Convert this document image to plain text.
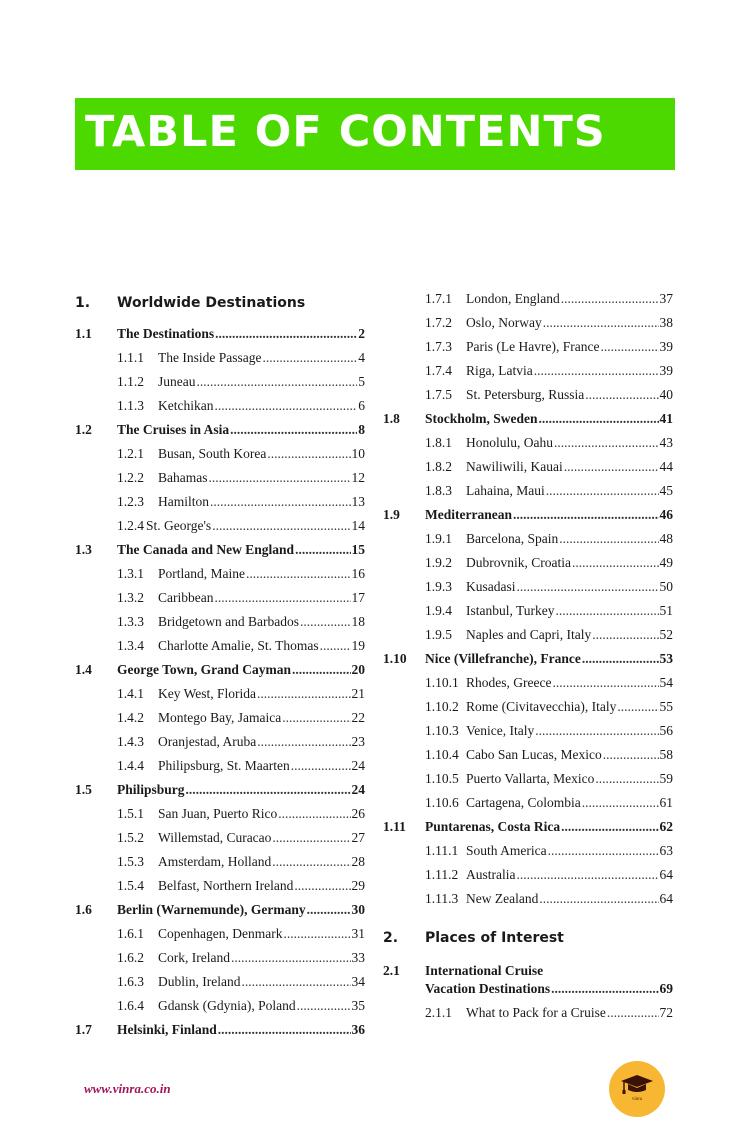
TABLE OF CONTENTS
1. Worldwide Destinations
1.1 The Destinations .....	2
1.1.1 The Inside Passage .....	4
1.1.2 Juneau .....	5
1.1.3 Ketchikan .....	6
1.2 The Cruises in Asia .....	8
1.2.1 Busan, South Korea .....	10
1.2.2 Bahamas .....	12
1.2.3 Hamilton .....	13
1.2.4 St. George's .....	14
1.3 The Canada and New England .....	15
1.3.1 Portland, Maine .....	16
1.3.2 Caribbean .....	17
1.3.3 Bridgetown and Barbados .....	18
1.3.4 Charlotte Amalie, St. Thomas ..... 19
1.4 George Town, Grand Cayman .....	20
1.4.1 Key West, Florida .....	21
1.4.2 Montego Bay, Jamaica .....	22
1.4.3 Oranjestad, Aruba .....	23
1.4.4 Philipsburg, St. Maarten .....	24
1.5 Philipsburg .....	24
1.5.1 San Juan, Puerto Rico .....	26
1.5.2 Willemstad, Curacao .....	27
1.5.3 Amsterdam, Holland .....	28
1.5.4 Belfast, Northern Ireland .....	29
1.6 Berlin (Warnemunde), Germany .....	30
1.6.1 Copenhagen, Denmark .....	31
1.6.2 Cork, Ireland .....	33
1.6.3 Dublin, Ireland .....	34
1.6.4 Gdansk (Gdynia), Poland .....	35
1.7 Helsinki, Finland .....	36
1.7.1 London, England .....	37
1.7.2 Oslo, Norway .....	38
1.7.3 Paris (Le Havre), France .....	39
1.7.4 Riga, Latvia .....	39
1.7.5 St. Petersburg, Russia .....	40
1.8 Stockholm, Sweden .....	41
1.8.1 Honolulu, Oahu .....	43
1.8.2 Nawiliwili, Kauai .....	44
1.8.3 Lahaina, Maui .....	45
1.9 Mediterranean .....	46
1.9.1 Barcelona, Spain .....	48
1.9.2 Dubrovnik, Croatia .....	49
1.9.3 Kusadasi .....	50
1.9.4 Istanbul, Turkey .....	51
1.9.5 Naples and Capri, Italy .....	52
1.10 Nice (Villefranche), France .....	53
1.10.1 Rhodes, Greece .....	54
1.10.2 Rome (Civitavecchia), Italy .....	55
1.10.3 Venice, Italy .....	56
1.10.4 Cabo San Lucas, Mexico .....	58
1.10.5 Puerto Vallarta, Mexico .....	59
1.10.6 Cartagena, Colombia .....	61
1.11 Puntarenas, Costa Rica .....	62
1.11.1 South America .....	63
1.11.2 Australia .....	64
1.11.3 New Zealand .....	64
2. Places of Interest
2.1 International Cruise
Vacation Destinations .....	69
2.1.1 What to Pack for a Cruise .....	72

www.vinra.co.in

vinra
